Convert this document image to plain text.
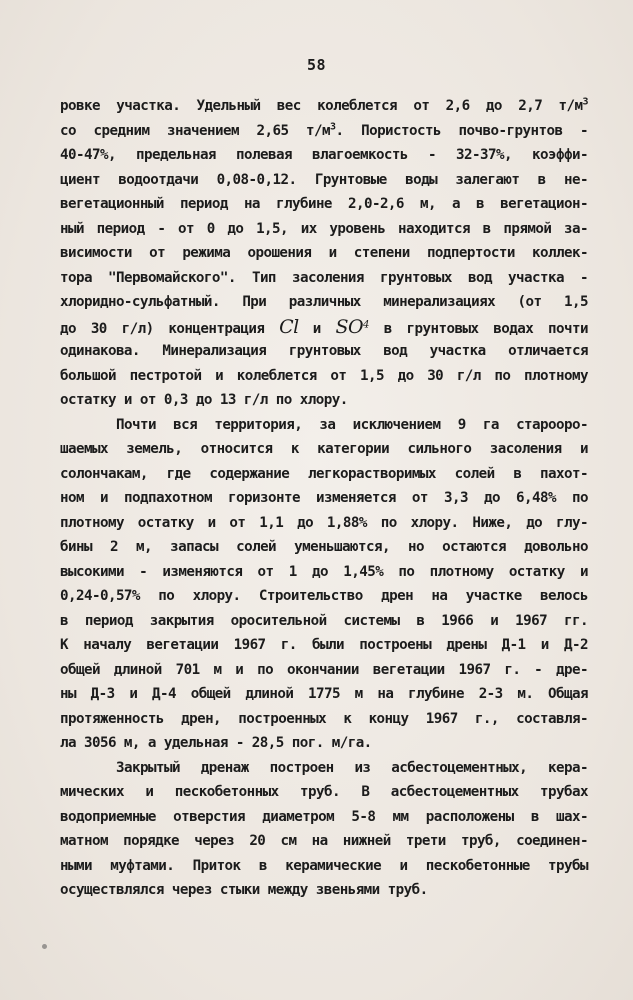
58
ровке участка. Удельный вес колеблется от 2,6 до 2,7 $т/м^3$
со средним значением 2,65 $т/м^3$. Пористость почво-грунтов -
40-47%, предельная полевая влагоемкость - 32-37%, коэффи-
циент водоотдачи 0,08-0,12. Грунтовые воды залегают в не-
вегетационный период на глубине 2,0-2,6 м, а в вегетацион-
ный период - от 0 до 1,5, их уровень находится в прямой за-
висимости от режима орошения и степени подпертости коллек-
тора "Первомайского". Тип засоления грунтовых вод участка -
хлоридно-сульфатный. При различных минерализациях (от 1,5
до 30 г/л) концентрация Cl и $SO^4$ в грунтовых водах почти
одинакова. Минерализация грунтовых вод участка отличается
большой пестротой и колеблется от 1,5 до 30 г/л по плотному
остатку и от 0,3 до 13 г/л по хлору.
Почти вся территория, за исключением 9 га староорo-
шаемых земель, относится к категории сильного засоления и
солончакам, где содержание легкорастворимых солей в пахот-
ном и подпахотном горизонте изменяется от 3,3 до 6,48% по
плотному остатку и от 1,1 до 1,88% по хлору. Ниже, до глу-
бины 2 м, запасы солей уменьшаются, но остаются довольно
высокими - изменяются от 1 до 1,45% по плотному остатку и
0,24-0,57% по хлору. Строительство дрен на участке велось
в период закрытия оросительной системы в 1966 и 1967 гг.
К началу вегетации 1967 г. были построены дрены Д-1 и Д-2
общей длиной 701 м и по окончании вегетации 1967 г. - дре-
ны Д-3 и Д-4 общей длиной 1775 м на глубине 2-3 м. Общая
протяженность дрен, построенных к концу 1967 г., составля-
ла 3056 м, а удельная - 28,5 пог. м/га.
Закрытый дренаж построен из асбестоцементных, кера-
мических и пескобетонных труб. В асбестоцементных трубах
водоприемные отверстия диаметром 5-8 мм расположены в шах-
матном порядке через 20 см на нижней трети труб, соединен-
ными муфтами. Приток в керамические и пескобетонные трубы
осуществлялся через стыки между звеньями труб.
